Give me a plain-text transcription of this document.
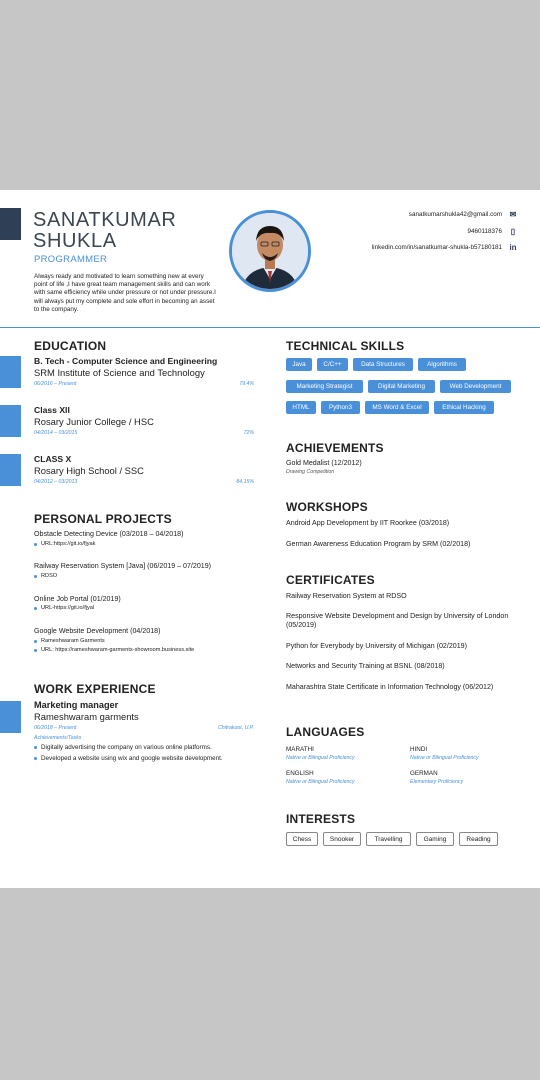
SANATKUMAR
SHUKLA
PROGRAMMER
Always ready and motivated to learn something new at every point of life ,I have great team management skills and can work with same efficiency while under pressure or not under pressure.I will always put my complete and sole effort in becoming an asset to the company.
sanatkumarshukla42@gmail.com ✉
9460118376	▯
linkedin.com/in/sanatkumar-shukla-b57180181 in
EDUCATION
B. Tech - Computer Science and Engineering
SRM Institute of Science and Technology
06/2016 – Present	79.4%
Class XII
Rosary Junior College / HSC
04/2014 – 03/2015	72%
CLASS X
Rosary High School / SSC
04/2012 – 03/2013	84.15%
PERSONAL PROJECTS
Obstacle Detecting Device (03/2018 – 04/2018)
URL:https://git.io/fjyak
Railway Reservation System [Java] (06/2019 – 07/2019)
RDSO
Online Job Portal (01/2019)
URL-https://git.io/fjyal
Google Website Development (04/2018)
Rameshwaram Garments
URL: https://rameshwaram-garments-showroom.business.site
WORK EXPERIENCE
Marketing manager
Rameshwaram garments
06/2018 – Present	Chitrakoot, U.P.
Achievements/Tasks
Digitally advertising the company on various online platforms.
Developed a website using wix and google website development.
TECHNICAL SKILLS
Java	C/C++	Data Structures	Algorithms
Marketing Strategist	Digital Marketing	Web Development
HTML	Python3	MS Word & Excel	Ethical Hacking
ACHIEVEMENTS
Gold Medalist (12/2012)
Drawing Competition
WORKSHOPS
Android App Development by IIT Roorkee (03/2018)
German Awareness Education Program by SRM (02/2018)
CERTIFICATES
Railway Reservation System at RDSO
Responsive Website Development and Design by University of London (05/2019)
Python for Everybody by University of Michigan (02/2019)
Networks and Security Training at BSNL (08/2018)
Maharashtra State Certificate in Information Technology (06/2012)
LANGUAGES
MARATHI
Native or Bilingual Proficiency
HINDI
Native or Bilingual Proficiency
ENGLISH
Native or Bilingual Proficiency
GERMAN
Elementary Proficiency
INTERESTS
Chess	Snooker	Travelling	Gaming	Reading
